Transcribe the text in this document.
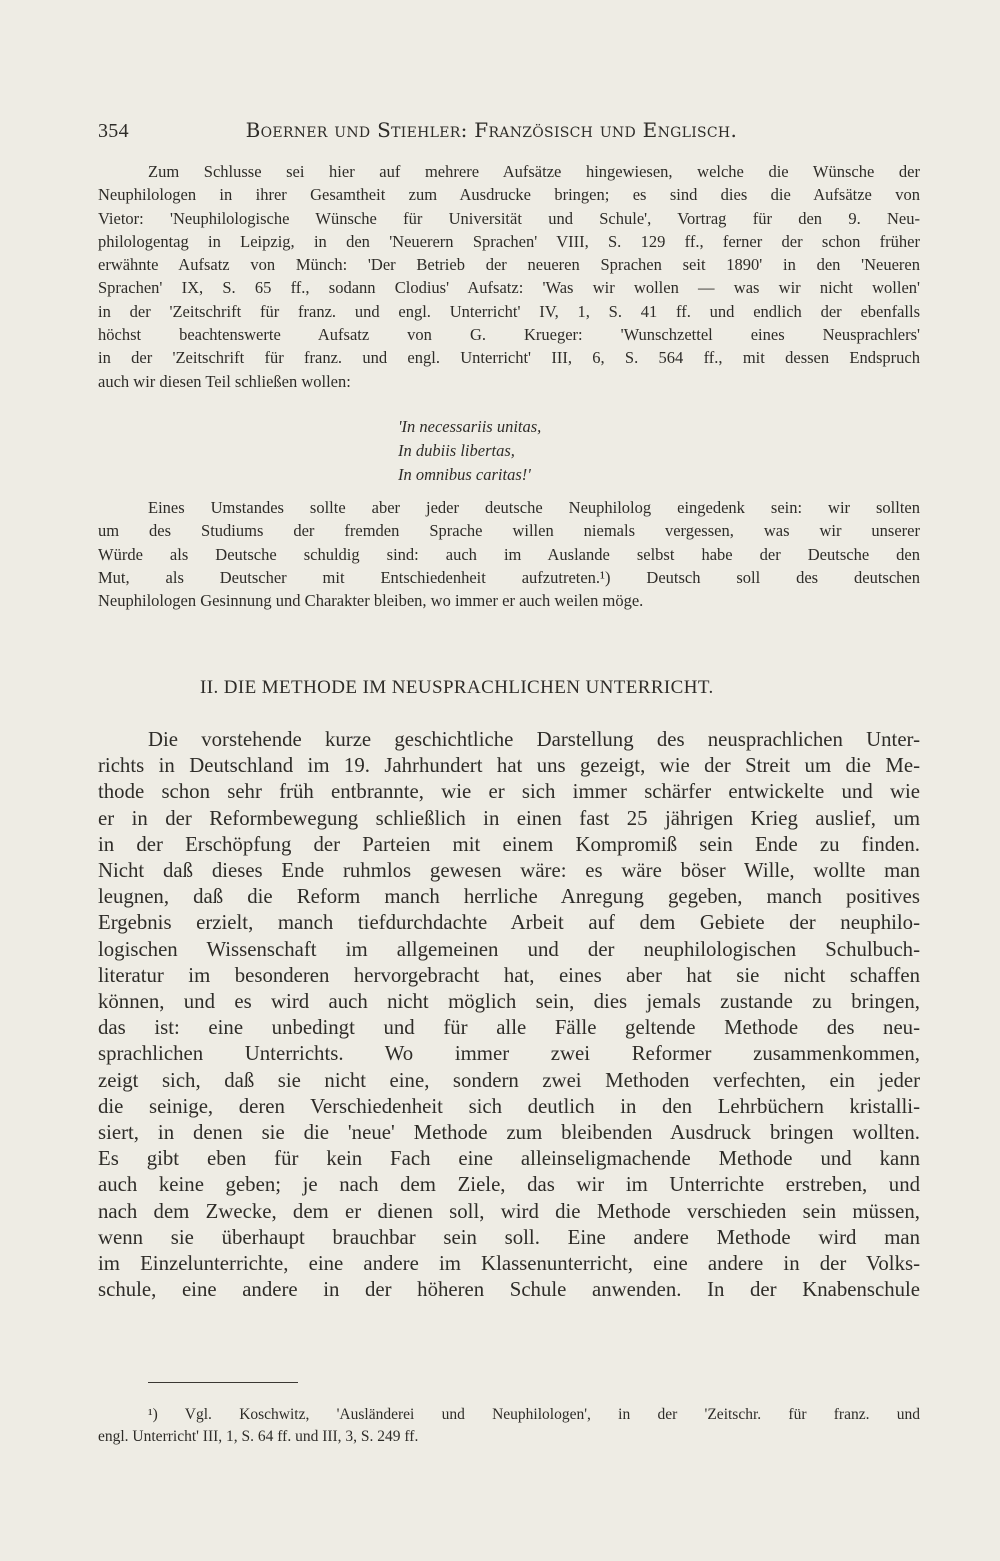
354	Boerner und Stiehler: Französisch und Englisch.
Zum Schlusse sei hier auf mehrere Aufsätze hingewiesen, welche die Wünsche der
Neuphilologen in ihrer Gesamtheit zum Ausdrucke bringen; es sind dies die Aufsätze von
Vietor: 'Neuphilologische Wünsche für Universität und Schule', Vortrag für den 9. Neu-
philologentag in Leipzig, in den 'Neuerern Sprachen' VIII, S. 129 ff., ferner der schon früher
erwähnte Aufsatz von Münch: 'Der Betrieb der neueren Sprachen seit 1890' in den 'Neueren
Sprachen' IX, S. 65 ff., sodann Clodius' Aufsatz: 'Was wir wollen — was wir nicht wollen'
in der 'Zeitschrift für franz. und engl. Unterricht' IV, 1, S. 41 ff. und endlich der ebenfalls
höchst beachtenswerte Aufsatz von G. Krueger: 'Wunschzettel eines Neusprachlers'
in der 'Zeitschrift für franz. und engl. Unterricht' III, 6, S. 564 ff., mit dessen Endspruch
auch wir diesen Teil schließen wollen:
'In necessariis unitas,
In dubiis libertas,
In omnibus caritas!'
Eines Umstandes sollte aber jeder deutsche Neuphilolog eingedenk sein: wir sollten
um des Studiums der fremden Sprache willen niemals vergessen, was wir unserer
Würde als Deutsche schuldig sind: auch im Auslande selbst habe der Deutsche den
Mut, als Deutscher mit Entschiedenheit aufzutreten.¹) Deutsch soll des deutschen
Neuphilologen Gesinnung und Charakter bleiben, wo immer er auch weilen möge.
II. DIE METHODE IM NEUSPRACHLICHEN UNTERRICHT.
Die vorstehende kurze geschichtliche Darstellung des neusprachlichen Unter-
richts in Deutschland im 19. Jahrhundert hat uns gezeigt, wie der Streit um die Me-
thode schon sehr früh entbrannte, wie er sich immer schärfer entwickelte und wie
er in der Reformbewegung schließlich in einen fast 25 jährigen Krieg auslief, um
in der Erschöpfung der Parteien mit einem Kompromiß sein Ende zu finden.
Nicht daß dieses Ende ruhmlos gewesen wäre: es wäre böser Wille, wollte man
leugnen, daß die Reform manch herrliche Anregung gegeben, manch positives
Ergebnis erzielt, manch tiefdurchdachte Arbeit auf dem Gebiete der neuphilo-
logischen Wissenschaft im allgemeinen und der neuphilologischen Schulbuch-
literatur im besonderen hervorgebracht hat, eines aber hat sie nicht schaffen
können, und es wird auch nicht möglich sein, dies jemals zustande zu bringen,
das ist: eine unbedingt und für alle Fälle geltende Methode des neu-
sprachlichen Unterrichts. Wo immer zwei Reformer zusammenkommen,
zeigt sich, daß sie nicht eine, sondern zwei Methoden verfechten, ein jeder
die seinige, deren Verschiedenheit sich deutlich in den Lehrbüchern kristalli-
siert, in denen sie die 'neue' Methode zum bleibenden Ausdruck bringen wollten.
Es gibt eben für kein Fach eine alleinseligmachende Methode und kann
auch keine geben; je nach dem Ziele, das wir im Unterrichte erstreben, und
nach dem Zwecke, dem er dienen soll, wird die Methode verschieden sein müssen,
wenn sie überhaupt brauchbar sein soll. Eine andere Methode wird man
im Einzelunterrichte, eine andere im Klassenunterricht, eine andere in der Volks-
schule, eine andere in der höheren Schule anwenden. In der Knabenschule
¹) Vgl. Koschwitz, 'Ausländerei und Neuphilologen', in der 'Zeitschr. für franz. und
engl. Unterricht' III, 1, S. 64 ff. und III, 3, S. 249 ff.
